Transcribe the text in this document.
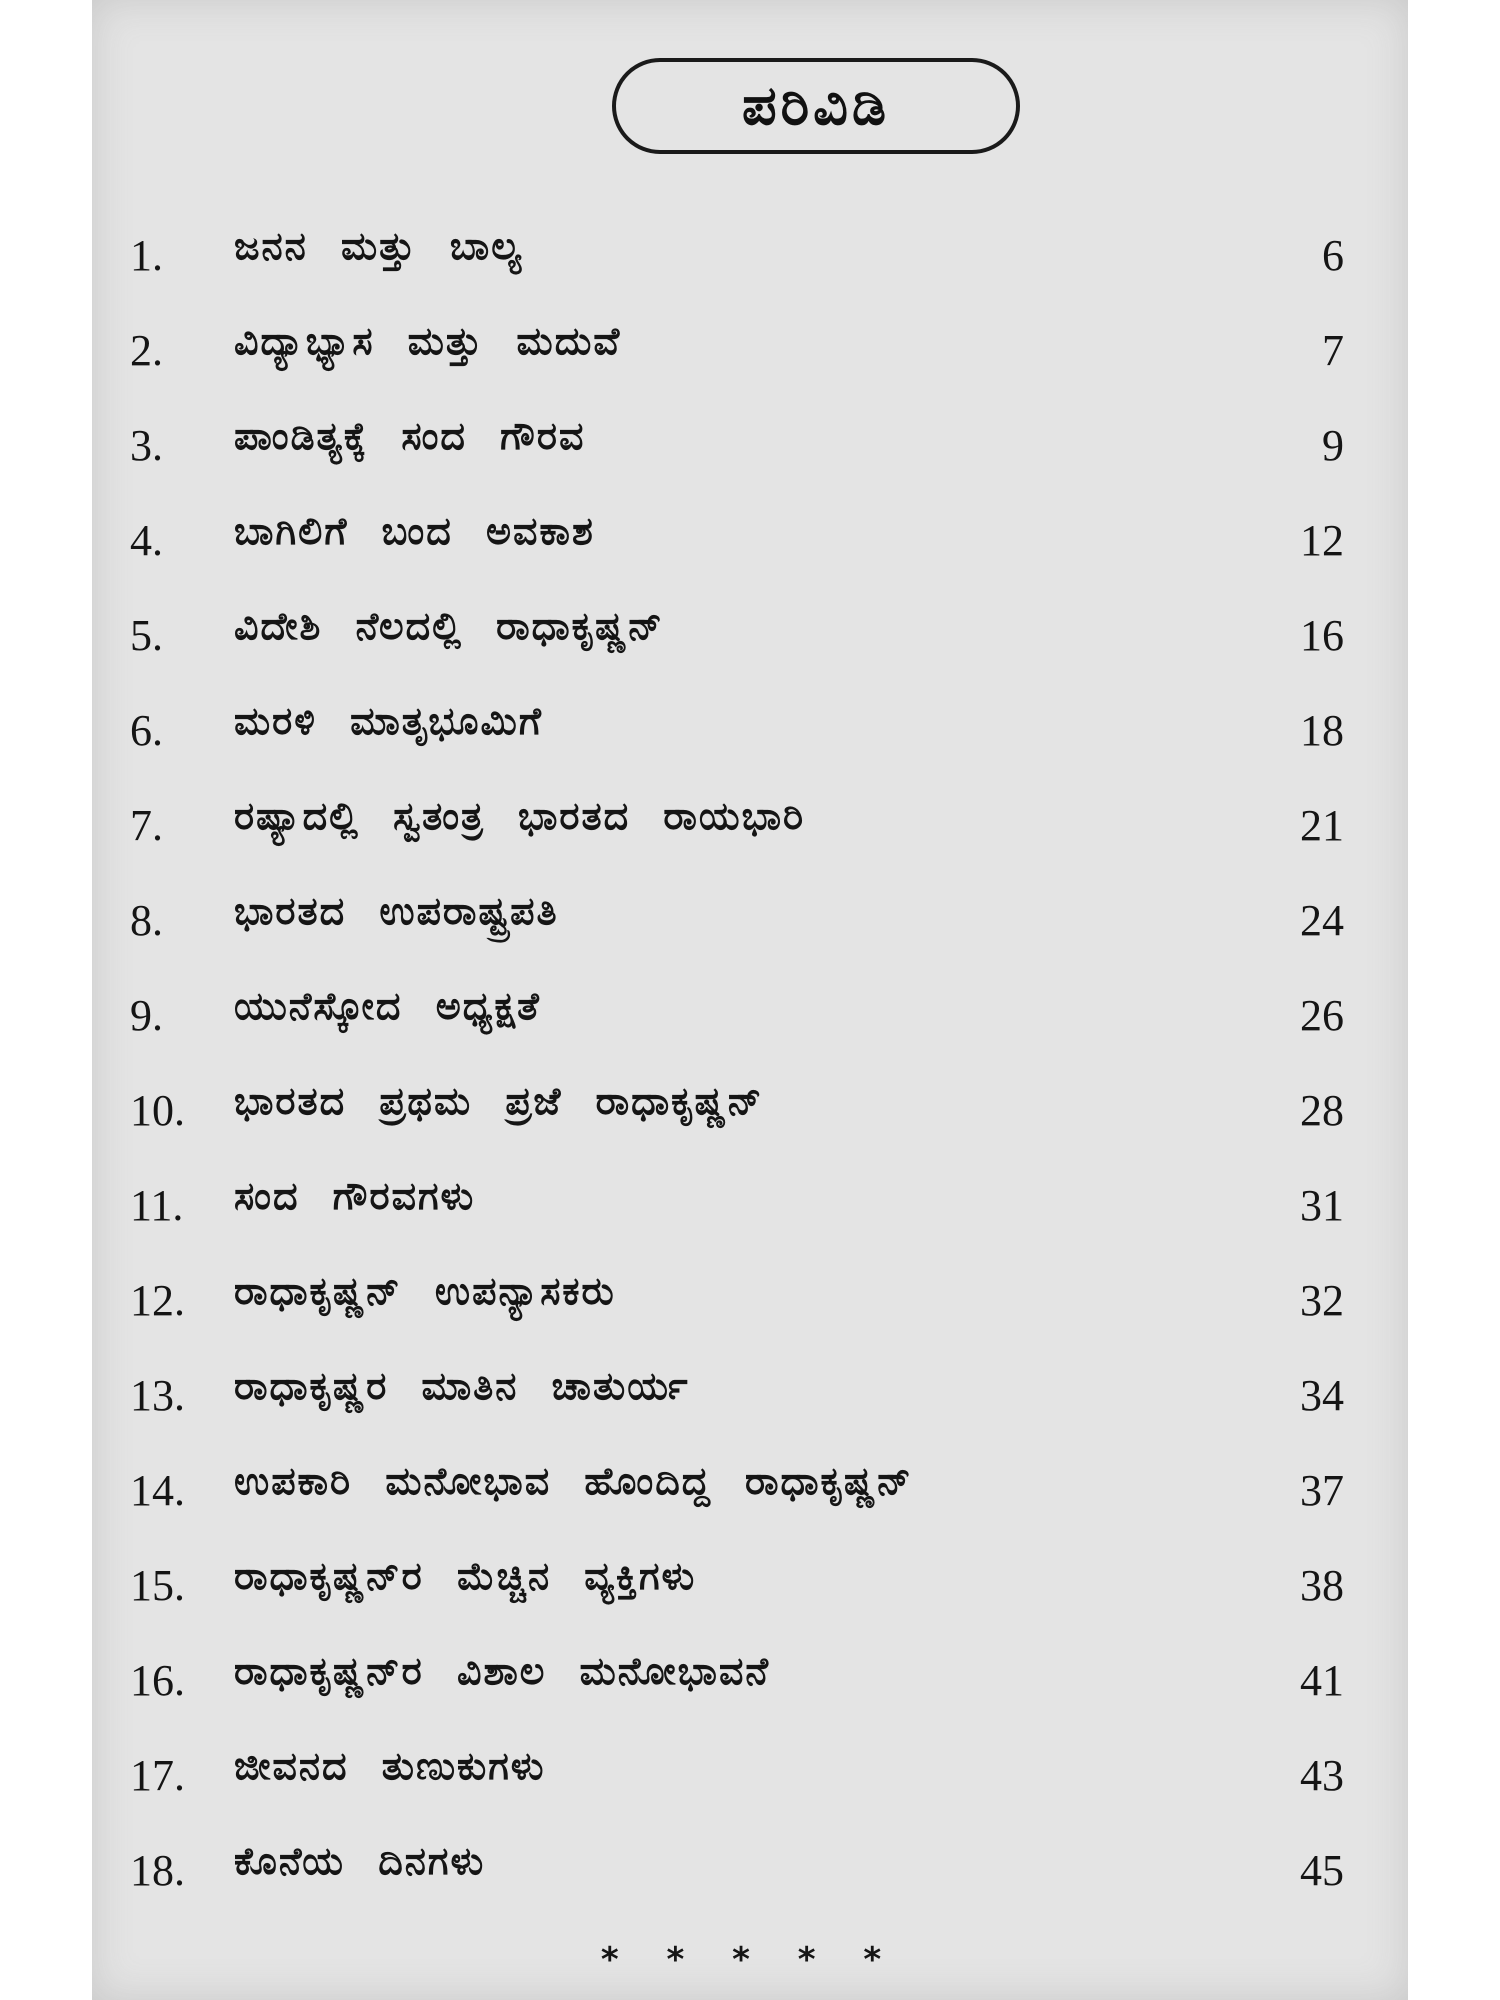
ಪರಿವಿಡಿ
1. ಜನನ ಮತ್ತು ಬಾಲ್ಯ	6
2. ವಿದ್ಯಾಭ್ಯಾಸ ಮತ್ತು ಮದುವೆ	7
3. ಪಾಂಡಿತ್ಯಕ್ಕೆ ಸಂದ ಗೌರವ	9
4. ಬಾಗಿಲಿಗೆ ಬಂದ ಅವಕಾಶ	12
5. ವಿದೇಶಿ ನೆಲದಲ್ಲಿ ರಾಧಾಕೃಷ್ಣನ್	16
6. ಮರಳಿ ಮಾತೃಭೂಮಿಗೆ	18
7. ರಷ್ಯಾದಲ್ಲಿ ಸ್ವತಂತ್ರ ಭಾರತದ ರಾಯಭಾರಿ	21
8. ಭಾರತದ ಉಪರಾಷ್ಟ್ರಪತಿ	24
9. ಯುನೆಸ್ಕೋದ ಅಧ್ಯಕ್ಷತೆ	26
10. ಭಾರತದ ಪ್ರಥಮ ಪ್ರಜೆ ರಾಧಾಕೃಷ್ಣನ್	28
11. ಸಂದ ಗೌರವಗಳು	31
12. ರಾಧಾಕೃಷ್ಣನ್ ಉಪನ್ಯಾಸಕರು	32
13. ರಾಧಾಕೃಷ್ಣರ ಮಾತಿನ ಚಾತುರ್ಯ	34
14. ಉಪಕಾರಿ ಮನೋಭಾವ ಹೊಂದಿದ್ದ ರಾಧಾಕೃಷ್ಣನ್	37
15. ರಾಧಾಕೃಷ್ಣನ್‌ರ ಮೆಚ್ಚಿನ ವ್ಯಕ್ತಿಗಳು	38
16. ರಾಧಾಕೃಷ್ಣನ್‌ರ ವಿಶಾಲ ಮನೋಭಾವನೆ	41
17. ಜೀವನದ ತುಣುಕುಗಳು	43
18. ಕೊನೆಯ ದಿನಗಳು	45
* * * * *
